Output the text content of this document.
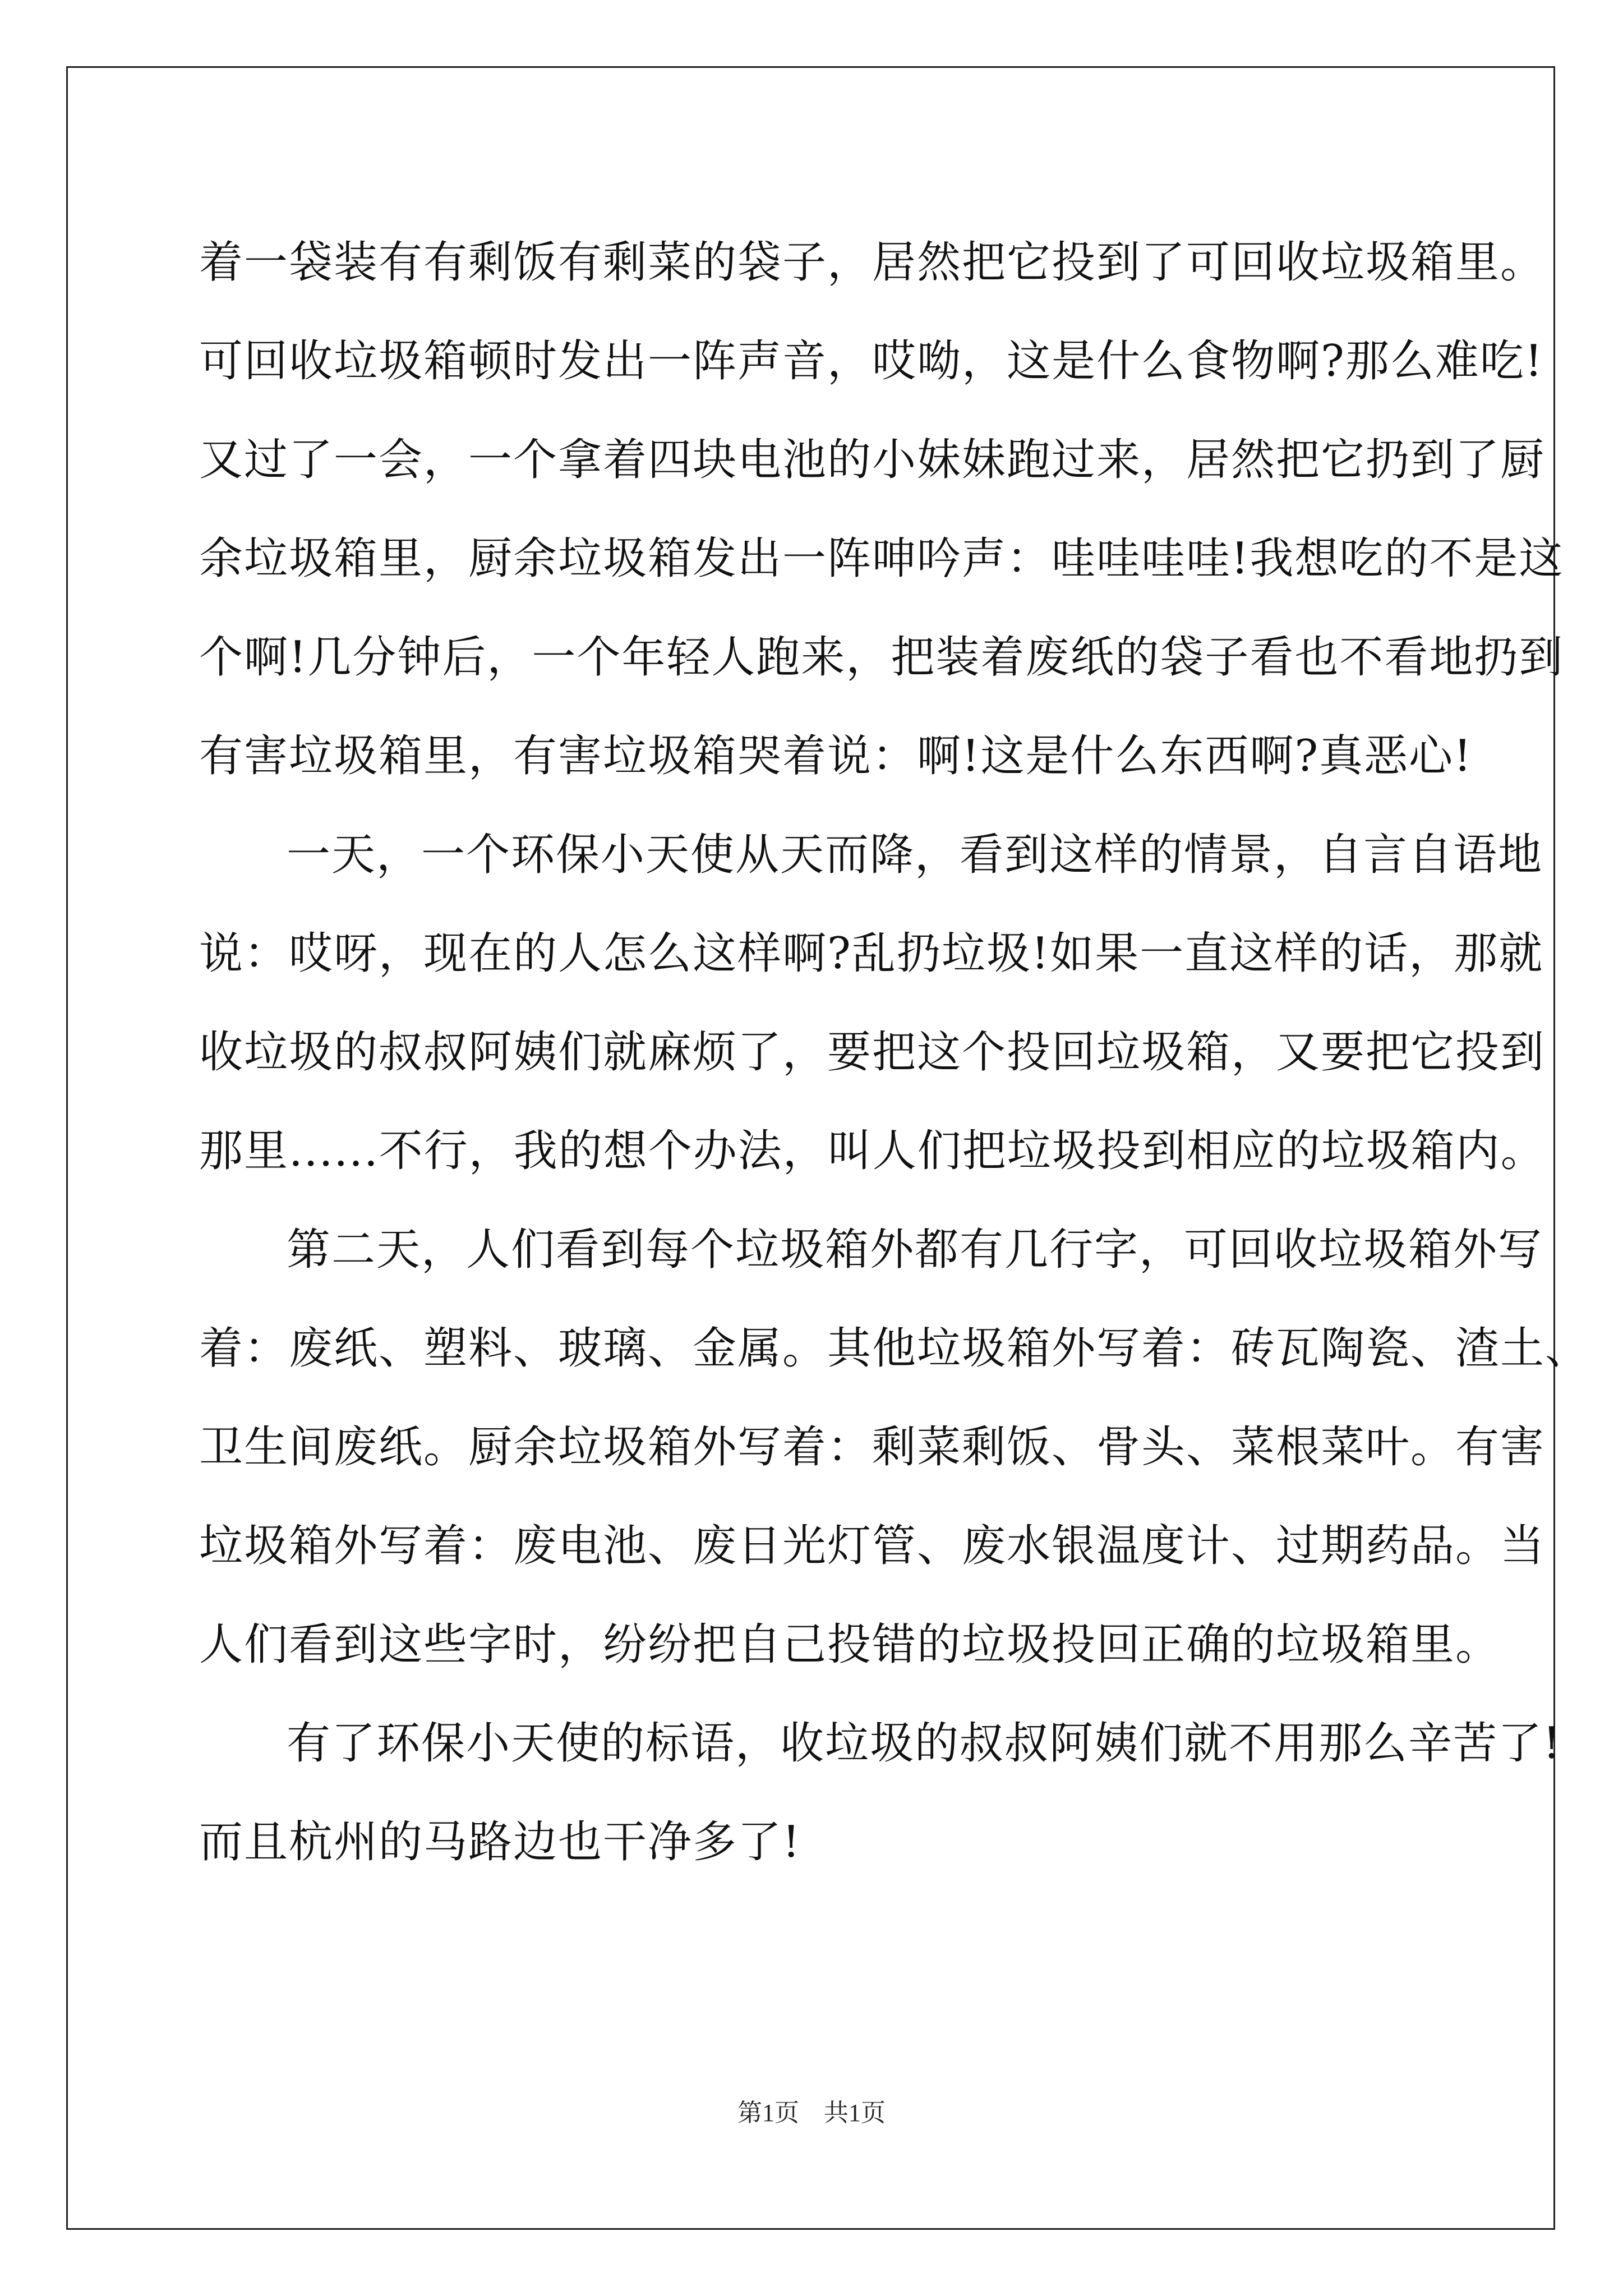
着一袋装有有剩饭有剩菜的袋子，居然把它投到了可回收垃圾箱里。
可回收垃圾箱顿时发出一阵声音，哎呦，这是什么食物啊?那么难吃!
又过了一会，一个拿着四块电池的小妹妹跑过来，居然把它扔到了厨
余垃圾箱里，厨余垃圾箱发出一阵呻吟声：哇哇哇哇!我想吃的不是这
个啊!几分钟后，一个年轻人跑来，把装着废纸的袋子看也不看地扔到
有害垃圾箱里，有害垃圾箱哭着说：啊!这是什么东西啊?真恶心!
一天，一个环保小天使从天而降，看到这样的情景，自言自语地
说：哎呀，现在的人怎么这样啊?乱扔垃圾!如果一直这样的话，那就
收垃圾的叔叔阿姨们就麻烦了，要把这个投回垃圾箱，又要把它投到
那里......不行，我的想个办法，叫人们把垃圾投到相应的垃圾箱内。
第二天，人们看到每个垃圾箱外都有几行字，可回收垃圾箱外写
着：废纸、塑料、玻璃、金属。其他垃圾箱外写着：砖瓦陶瓷、渣土、
卫生间废纸。厨余垃圾箱外写着：剩菜剩饭、骨头、菜根菜叶。有害
垃圾箱外写着：废电池、废日光灯管、废水银温度计、过期药品。当
人们看到这些字时，纷纷把自己投错的垃圾投回正确的垃圾箱里。
有了环保小天使的标语，收垃圾的叔叔阿姨们就不用那么辛苦了!
而且杭州的马路边也干净多了!
第1页　共1页
